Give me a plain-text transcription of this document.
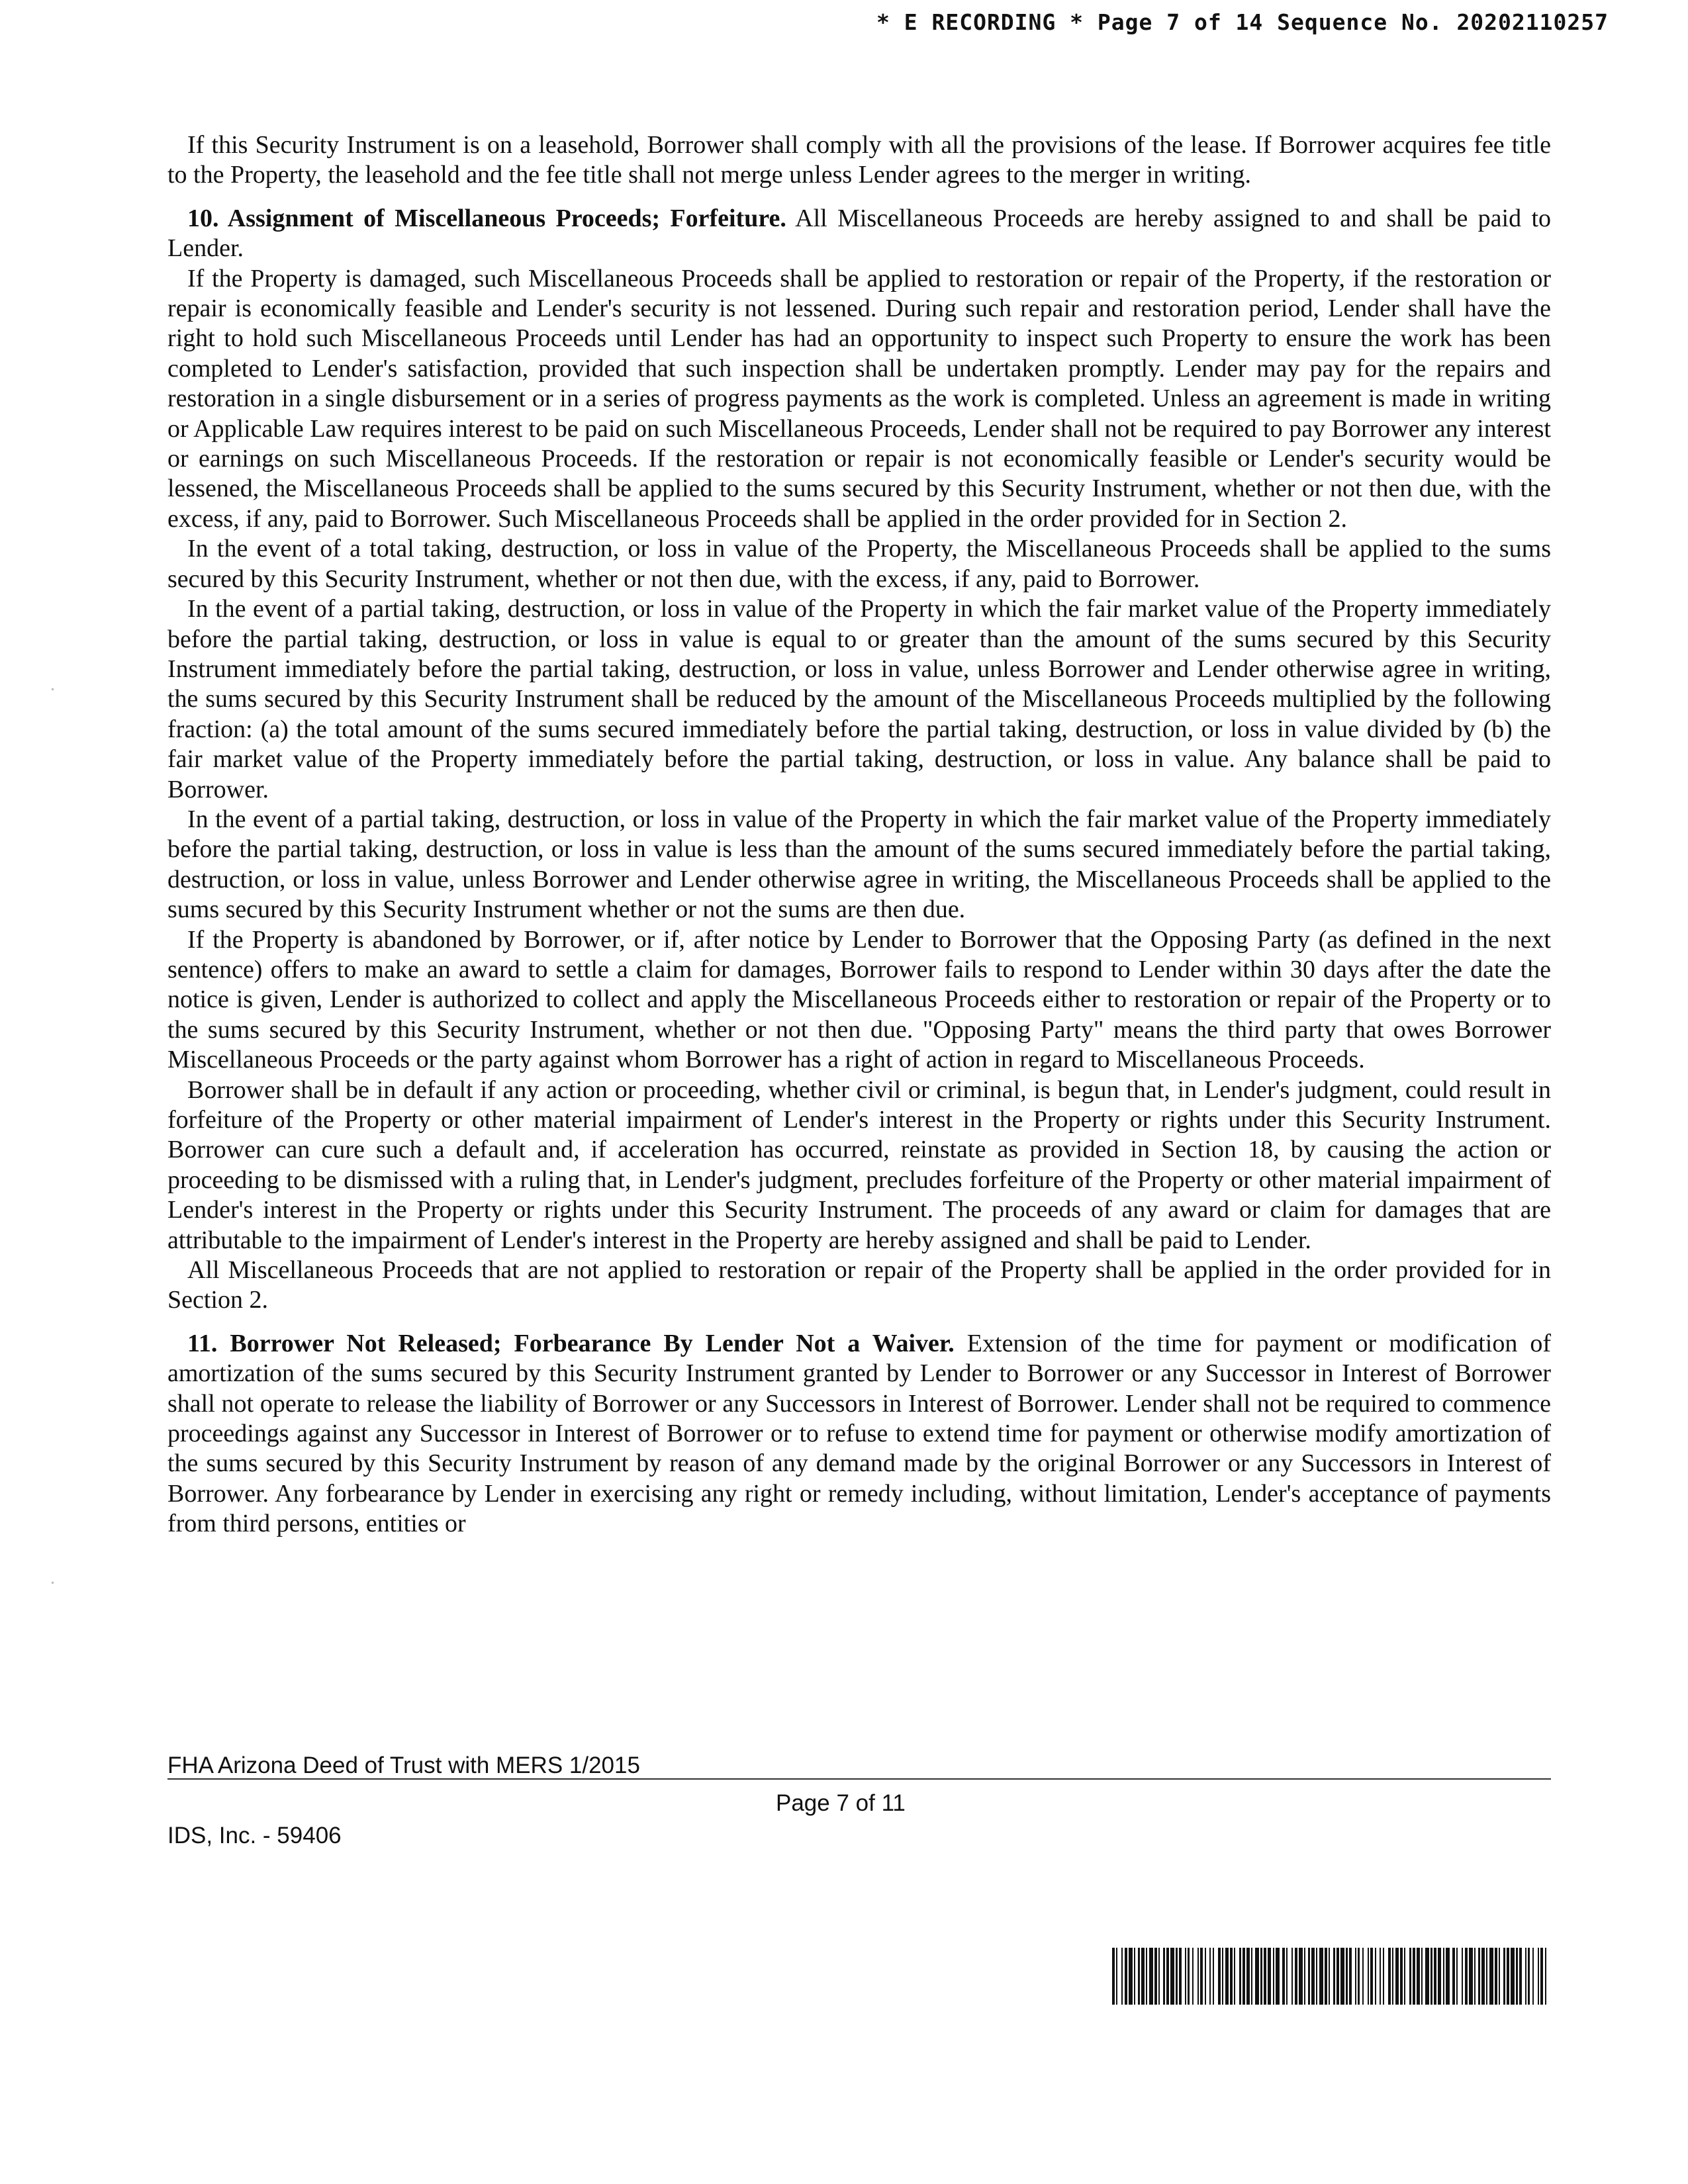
* E RECORDING * Page 7 of 14 Sequence No. 20202110257

If this Security Instrument is on a leasehold, Borrower shall comply with all the provisions of the lease. If Borrower acquires fee title to the Property, the leasehold and the fee title shall not merge unless Lender agrees to the merger in writing.

10. Assignment of Miscellaneous Proceeds; Forfeiture. All Miscellaneous Proceeds are hereby assigned to and shall be paid to Lender.

If the Property is damaged, such Miscellaneous Proceeds shall be applied to restoration or repair of the Property, if the restoration or repair is economically feasible and Lender's security is not lessened. During such repair and restoration period, Lender shall have the right to hold such Miscellaneous Proceeds until Lender has had an opportunity to inspect such Property to ensure the work has been completed to Lender's satisfaction, provided that such inspection shall be undertaken promptly. Lender may pay for the repairs and restoration in a single disbursement or in a series of progress payments as the work is completed. Unless an agreement is made in writing or Applicable Law requires interest to be paid on such Miscellaneous Proceeds, Lender shall not be required to pay Borrower any interest or earnings on such Miscellaneous Proceeds. If the restoration or repair is not economically feasible or Lender's security would be lessened, the Miscellaneous Proceeds shall be applied to the sums secured by this Security Instrument, whether or not then due, with the excess, if any, paid to Borrower. Such Miscellaneous Proceeds shall be applied in the order provided for in Section 2.

In the event of a total taking, destruction, or loss in value of the Property, the Miscellaneous Proceeds shall be applied to the sums secured by this Security Instrument, whether or not then due, with the excess, if any, paid to Borrower.

In the event of a partial taking, destruction, or loss in value of the Property in which the fair market value of the Property immediately before the partial taking, destruction, or loss in value is equal to or greater than the amount of the sums secured by this Security Instrument immediately before the partial taking, destruction, or loss in value, unless Borrower and Lender otherwise agree in writing, the sums secured by this Security Instrument shall be reduced by the amount of the Miscellaneous Proceeds multiplied by the following fraction: (a) the total amount of the sums secured immediately before the partial taking, destruction, or loss in value divided by (b) the fair market value of the Property immediately before the partial taking, destruction, or loss in value. Any balance shall be paid to Borrower.

In the event of a partial taking, destruction, or loss in value of the Property in which the fair market value of the Property immediately before the partial taking, destruction, or loss in value is less than the amount of the sums secured immediately before the partial taking, destruction, or loss in value, unless Borrower and Lender otherwise agree in writing, the Miscellaneous Proceeds shall be applied to the sums secured by this Security Instrument whether or not the sums are then due.

If the Property is abandoned by Borrower, or if, after notice by Lender to Borrower that the Opposing Party (as defined in the next sentence) offers to make an award to settle a claim for damages, Borrower fails to respond to Lender within 30 days after the date the notice is given, Lender is authorized to collect and apply the Miscellaneous Proceeds either to restoration or repair of the Property or to the sums secured by this Security Instrument, whether or not then due. "Opposing Party" means the third party that owes Borrower Miscellaneous Proceeds or the party against whom Borrower has a right of action in regard to Miscellaneous Proceeds.

Borrower shall be in default if any action or proceeding, whether civil or criminal, is begun that, in Lender's judgment, could result in forfeiture of the Property or other material impairment of Lender's interest in the Property or rights under this Security Instrument. Borrower can cure such a default and, if acceleration has occurred, reinstate as provided in Section 18, by causing the action or proceeding to be dismissed with a ruling that, in Lender's judgment, precludes forfeiture of the Property or other material impairment of Lender's interest in the Property or rights under this Security Instrument. The proceeds of any award or claim for damages that are attributable to the impairment of Lender's interest in the Property are hereby assigned and shall be paid to Lender.

All Miscellaneous Proceeds that are not applied to restoration or repair of the Property shall be applied in the order provided for in Section 2.

11. Borrower Not Released; Forbearance By Lender Not a Waiver. Extension of the time for payment or modification of amortization of the sums secured by this Security Instrument granted by Lender to Borrower or any Successor in Interest of Borrower shall not operate to release the liability of Borrower or any Successors in Interest of Borrower. Lender shall not be required to commence proceedings against any Successor in Interest of Borrower or to refuse to extend time for payment or otherwise modify amortization of the sums secured by this Security Instrument by reason of any demand made by the original Borrower or any Successors in Interest of Borrower. Any forbearance by Lender in exercising any right or remedy including, without limitation, Lender's acceptance of payments from third persons, entities or

FHA Arizona Deed of Trust with MERS 1/2015
Page 7 of 11
IDS, Inc. - 59406
